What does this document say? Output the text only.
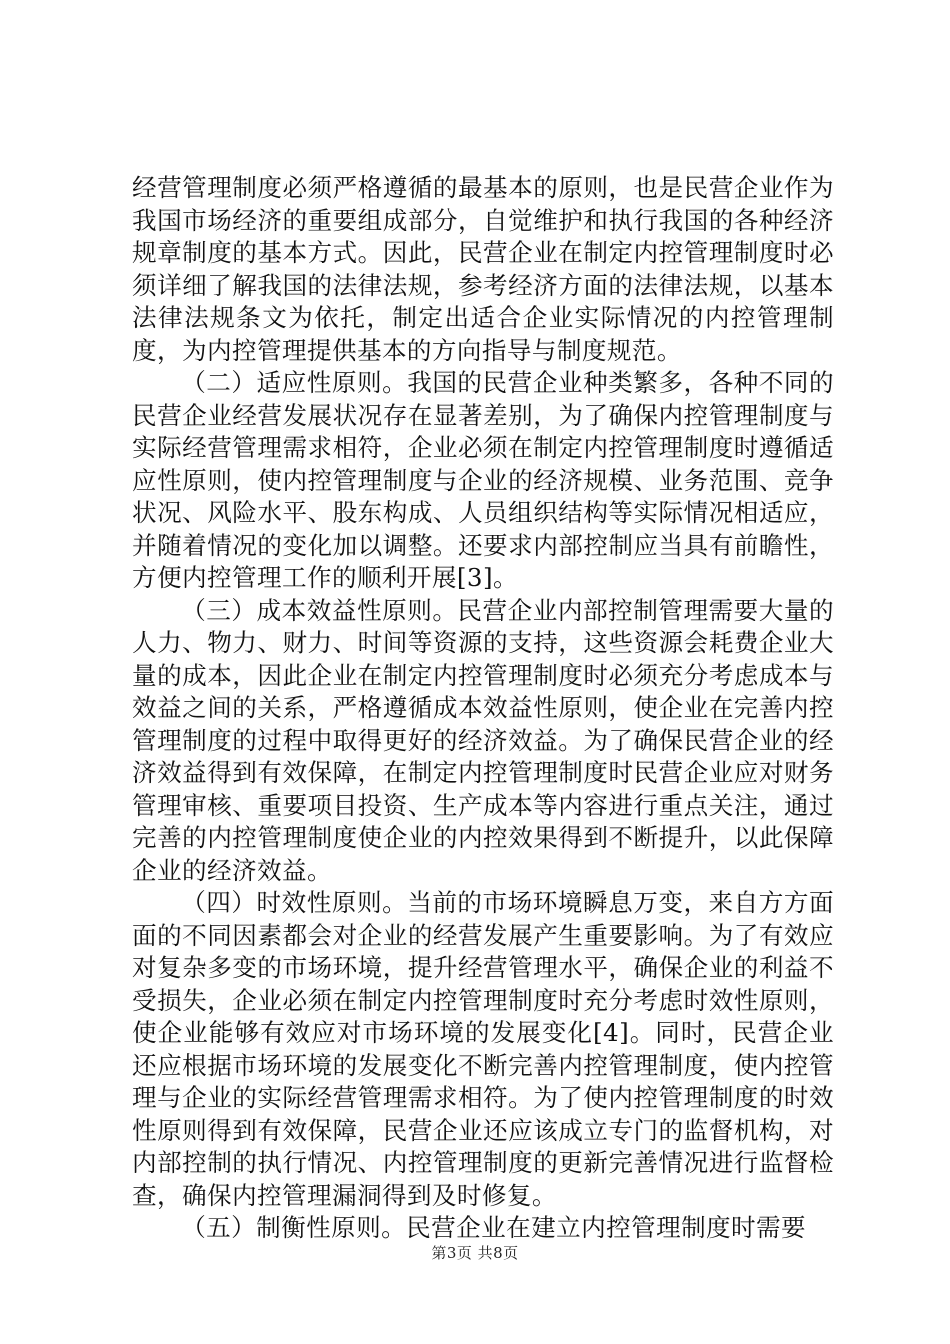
经营管理制度必须严格遵循的最基本的原则，也是民营企业作为我国市场经济的重要组成部分，自觉维护和执行我国的各种经济规章制度的基本方式。因此，民营企业在制定内控管理制度时必须详细了解我国的法律法规，参考经济方面的法律法规，以基本法律法规条文为依托，制定出适合企业实际情况的内控管理制度，为内控管理提供基本的方向指导与制度规范。

（二）适应性原则。我国的民营企业种类繁多，各种不同的民营企业经营发展状况存在显著差别，为了确保内控管理制度与实际经营管理需求相符，企业必须在制定内控管理制度时遵循适应性原则，使内控管理制度与企业的经济规模、业务范围、竞争状况、风险水平、股东构成、人员组织结构等实际情况相适应，并随着情况的变化加以调整。还要求内部控制应当具有前瞻性，方便内控管理工作的顺利开展[3]。

（三）成本效益性原则。民营企业内部控制管理需要大量的人力、物力、财力、时间等资源的支持，这些资源会耗费企业大量的成本，因此企业在制定内控管理制度时必须充分考虑成本与效益之间的关系，严格遵循成本效益性原则，使企业在完善内控管理制度的过程中取得更好的经济效益。为了确保民营企业的经济效益得到有效保障，在制定内控管理制度时民营企业应对财务管理审核、重要项目投资、生产成本等内容进行重点关注，通过完善的内控管理制度使企业的内控效果得到不断提升，以此保障企业的经济效益。

（四）时效性原则。当前的市场环境瞬息万变，来自方方面面的不同因素都会对企业的经营发展产生重要影响。为了有效应对复杂多变的市场环境，提升经营管理水平，确保企业的利益不受损失，企业必须在制定内控管理制度时充分考虑时效性原则，使企业能够有效应对市场环境的发展变化[4]。同时，民营企业还应根据市场环境的发展变化不断完善内控管理制度，使内控管理与企业的实际经营管理需求相符。为了使内控管理制度的时效性原则得到有效保障，民营企业还应该成立专门的监督机构，对内部控制的执行情况、内控管理制度的更新完善情况进行监督检查，确保内控管理漏洞得到及时修复。

（五）制衡性原则。民营企业在建立内控管理制度时需要

第3页 共8页
